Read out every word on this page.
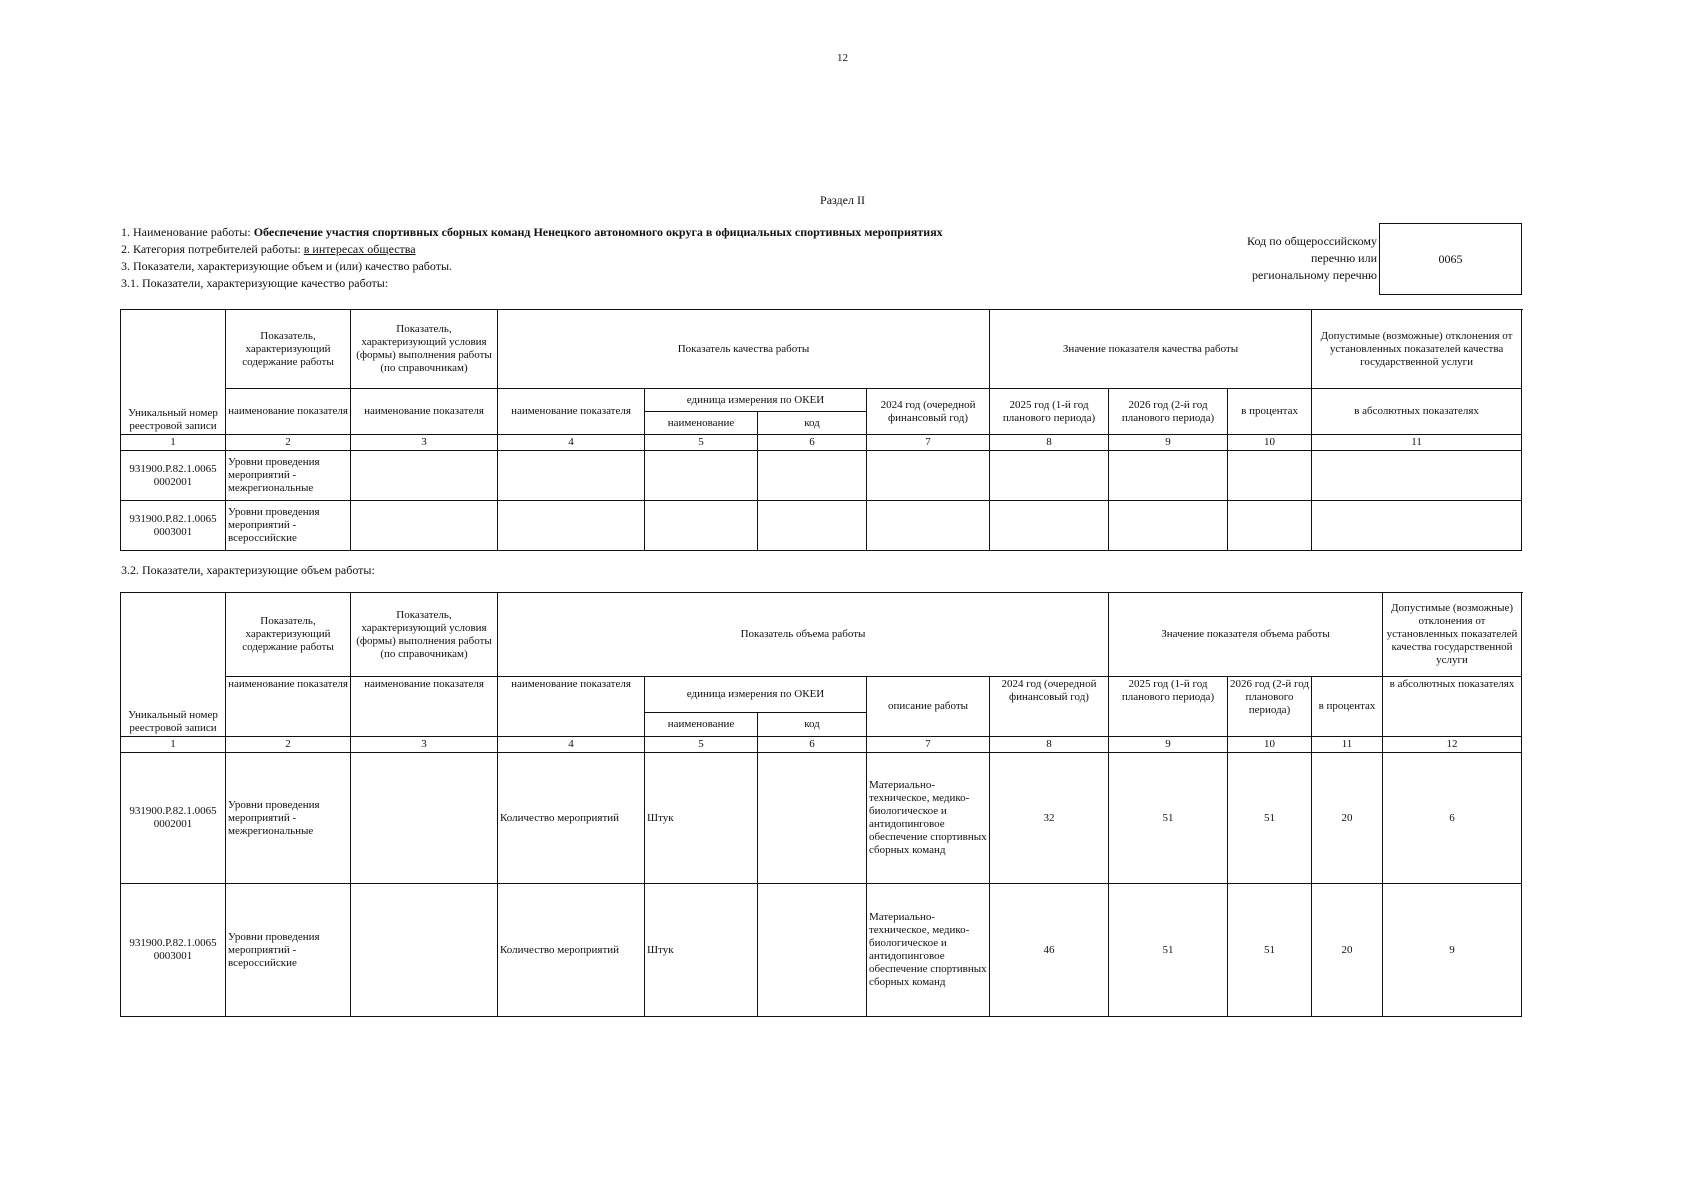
12
Раздел II
1. Наименование работы: Обеспечение участия спортивных сборных команд Ненецкого автономного округа в официальных спортивных мероприятиях
2. Категория потребителей работы: в интересах общества
3. Показатели, характеризующие объем и (или) качество работы.
3.1. Показатели, характеризующие качество работы:
Код по общероссийскому
перечню или
региональному перечню
0065
Уникальный номер реестровой записи	Показатель, характеризующий содержание работы	Показатель, характеризующий условия (формы) выполнения работы (по справочникам)	Показатель качества работы				Значение показателя качества работы			Допустимые (возможные) отклонения от установленных показателей качества государственной услуги
	наименование показателя	наименование показателя	наименование показателя	единица измерения по ОКЕИ		2024 год (очередной финансовый год)	2025 год (1-й год планового периода)	2026 год (2-й год планового периода)	в процентах	в абсолютных показателях
				наименование	код					
1	2	3	4	5	6	7	8	9	10	11
931900.Р.82.1.0065 0002001	Уровни проведения мероприятий - межрегиональные									
931900.Р.82.1.0065 0003001	Уровни проведения мероприятий - всероссийские									
3.2. Показатели, характеризующие объем работы:
Уникальный номер реестровой записи	Показатель, характеризующий содержание работы	Показатель, характеризующий условия (формы) выполнения работы (по справочникам)	Показатель объема работы					Значение показателя объема работы			Допустимые (возможные) отклонения от установленных показателей качества государственной услуги
	наименование показателя	наименование показателя	наименование показателя	единица измерения по ОКЕИ		описание работы	2024 год (очередной финансовый год)	2025 год (1-й год планового периода)	2026 год (2-й год планового периода)	в процентах	в абсолютных показателях
				наименование	код						
1	2	3	4	5	6	7	8	9	10	11	12
931900.Р.82.1.0065 0002001	Уровни проведения мероприятий - межрегиональные		Количество мероприятий	Штук		Материально-техническое, медико-биологическое и антидопинговое обеспечение спортивных сборных команд	32	51	51	20	6
931900.Р.82.1.0065 0003001	Уровни проведения мероприятий - всероссийские		Количество мероприятий	Штук		Материально-техническое, медико-биологическое и антидопинговое обеспечение спортивных сборных команд	46	51	51	20	9
